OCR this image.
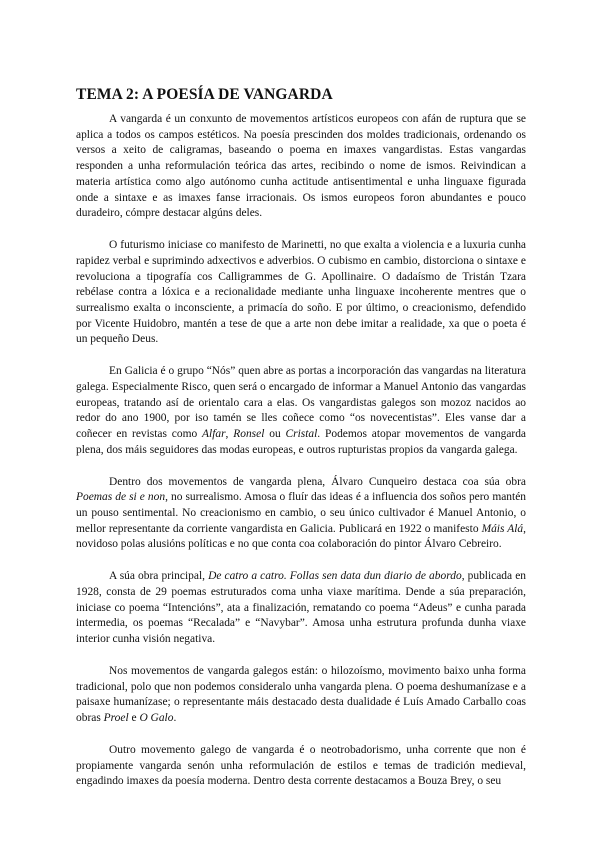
TEMA 2: A POESÍA DE VANGARDA

A vangarda é un conxunto de movementos artísticos europeos con afán de ruptura que se aplica a todos os campos estéticos. Na poesía prescinden dos moldes tradicionais, ordenando os versos a xeito de caligramas, baseando o poema en imaxes vangardistas. Estas vangardas responden a unha reformulación teórica das artes, recibindo o nome de ismos. Reivindican a materia artística como algo autónomo cunha actitude antisentimental e unha linguaxe figurada onde a sintaxe e as imaxes fanse irracionais. Os ismos europeos foron abundantes e pouco duradeiro, cómpre destacar algúns deles.

O futurismo iniciase co manifesto de Marinetti, no que exalta a violencia e a luxuria cunha rapidez verbal e suprimindo adxectivos e adverbios. O cubismo en cambio, distorciona o sintaxe e revoluciona a tipografía cos Calligrammes de G. Apollinaire. O dadaísmo de Tristán Tzara rebélase contra a lóxica e a recionalidade mediante unha linguaxe incoherente mentres que o surrealismo exalta o inconsciente, a primacía do soño. E por último, o creacionismo, defendido por Vicente Huidobro, mantén a tese de que a arte non debe imitar a realidade, xa que o poeta é un pequeño Deus.

En Galicia é o grupo “Nós” quen abre as portas a incorporación das vangardas na literatura galega. Especialmente Risco, quen será o encargado de informar a Manuel Antonio das vangardas europeas, tratando así de orientalo cara a elas. Os vangardistas galegos son mozoz nacidos ao redor do ano 1900, por iso tamén se lles coñece como “os novecentistas”. Eles vanse dar a coñecer en revistas como Alfar, Ronsel ou Cristal. Podemos atopar movementos de vangarda plena, dos máis seguidores das modas europeas, e outros rupturistas propios da vangarda galega.

Dentro dos movementos de vangarda plena, Álvaro Cunqueiro destaca coa súa obra Poemas de si e non, no surrealismo. Amosa o fluír das ideas é a influencia dos soños pero mantén un pouso sentimental. No creacionismo en cambio, o seu único cultivador é Manuel Antonio, o mellor representante da corriente vangardista en Galicia. Publicará en 1922 o manifesto Máis Alá, novidoso polas alusións políticas e no que conta coa colaboración do pintor Álvaro Cebreiro.

A súa obra principal, De catro a catro. Follas sen data dun diario de abordo, publicada en 1928, consta de 29 poemas estruturados coma unha viaxe marítima. Dende a súa preparación, iniciase co poema “Intencións”, ata a finalización, rematando co poema “Adeus” e cunha parada intermedia, os poemas “Recalada” e “Navybar”. Amosa unha estrutura profunda dunha viaxe interior cunha visión negativa.

Nos movementos de vangarda galegos están: o hilozoísmo, movimento baixo unha forma tradicional, polo que non podemos consideralo unha vangarda plena. O poema deshumanízase e a paisaxe humanízase; o representante máis destacado desta dualidade é Luís Amado Carballo coas obras Proel e O Galo.

Outro movemento galego de vangarda é o neotrobadorismo, unha corrente que non é propiamente vangarda senón unha reformulación de estilos e temas de tradición medieval, engadindo imaxes da poesía moderna. Dentro desta corrente destacamos a Bouza Brey, o seu
